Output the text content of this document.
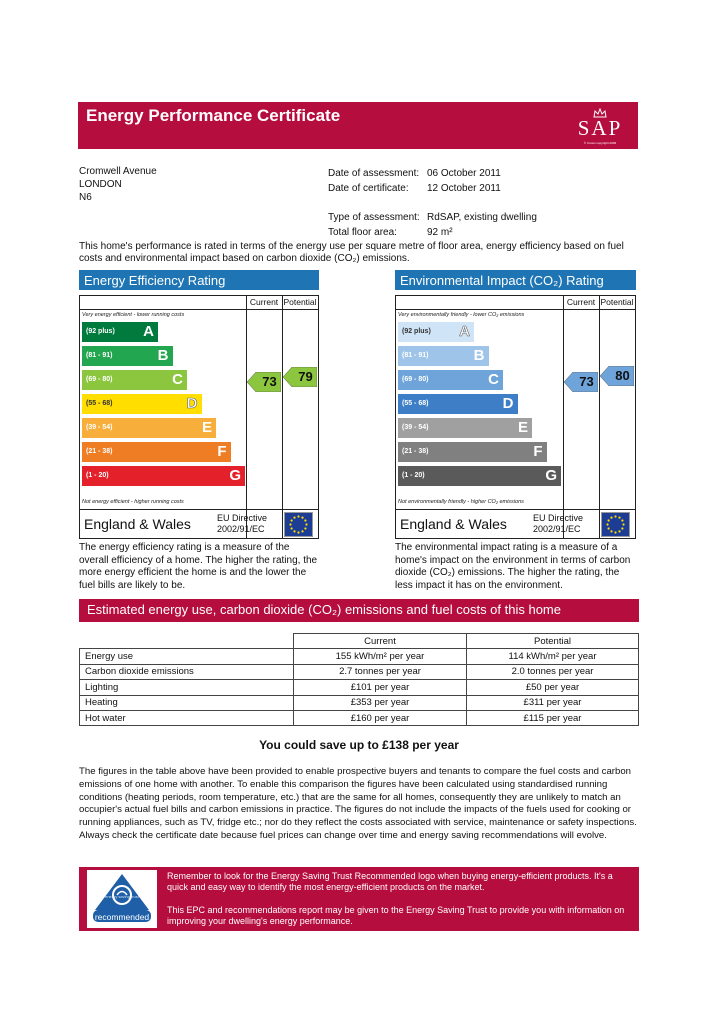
Energy Performance Certificate
SAP
© Crown copyright 2009
Cromwell Avenue
LONDON
N6
Date of assessment: 06 October 2011
Date of certificate:	12 October 2011
Type of assessment: RdSAP, existing dwelling
Total floor area:	92 m²
This home's performance is rated in terms of the energy use per square metre of floor area, energy efficiency based on fuel costs and environmental impact based on carbon dioxide (CO₂) emissions.
Energy Efficiency Rating
Current Potential
Very energy efficient - lower running costs
(92 plus) A
(81 - 91)	B
(69 - 80)	C
(55 - 68)	D
(39 - 54)	E
(21 - 38)	F
(1 - 20)	G
Not energy efficient - higher running costs
73	79
England & Wales	EU Directive
2002/91/EC
The energy efficiency rating is a measure of the overall efficiency of a home. The higher the rating, the more energy efficient the home is and the lower the fuel bills are likely to be.
Environmental Impact (CO₂) Rating
Current Potential
Very environmentally friendly - lower CO₂ emissions
(92 plus) A
(81 - 91)	B
(69 - 80)	C
(55 - 68)	D
(39 - 54)	E
(21 - 38)	F
(1 - 20)	G
Not environmentally friendly - higher CO₂ emissions
73	80
England & Wales	EU Directive
2002/91/EC
The environmental impact rating is a measure of a home's impact on the environment in terms of carbon dioxide (CO₂) emissions. The higher the rating, the less impact it has on the environment.
Estimated energy use, carbon dioxide (CO₂) emissions and fuel costs of this home
	Current	Potential
Energy use	155 kWh/m² per year	114 kWh/m² per year
Carbon dioxide emissions	2.7 tonnes per year	2.0 tonnes per year
Lighting	£101 per year	£50 per year
Heating	£353 per year	£311 per year
Hot water	£160 per year	£115 per year
You could save up to £138 per year
The figures in the table above have been provided to enable prospective buyers and tenants to compare the fuel costs and carbon emissions of one home with another. To enable this comparison the figures have been calculated using standardised running conditions (heating periods, room temperature, etc.) that are the same for all homes, consequently they are unlikely to match an occupier's actual fuel bills and carbon emissions in practice. The figures do not include the impacts of the fuels used for cooking or running appliances, such as TV, fridge etc.; nor do they reflect the costs associated with service, maintenance or safety inspections. Always check the certificate date because fuel prices can change over time and energy saving recommendations will evolve.
energy saving trust
recommended
Remember to look for the Energy Saving Trust Recommended logo when buying energy-efficient products. It's a quick and easy way to identify the most energy-efficient products on the market.
This EPC and recommendations report may be given to the Energy Saving Trust to provide you with information on improving your dwelling's energy performance.
